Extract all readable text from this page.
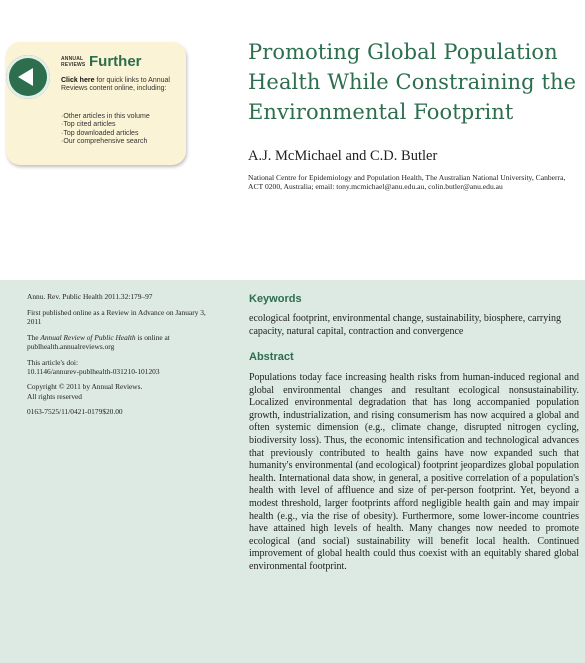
ANNUAL
REVIEWS Further
Click here for quick links to Annual Reviews content online, including:
· Other articles in this volume
· Top cited articles
· Top downloaded articles
· Our comprehensive search
Promoting Global Population Health While Constraining the Environmental Footprint
A.J. McMichael and C.D. Butler
National Centre for Epidemiology and Population Health, The Australian National University, Canberra, ACT 0200, Australia; email: tony.mcmichael@anu.edu.au, colin.butler@anu.edu.au

Annu. Rev. Public Health 2011.32:179–97

First published online as a Review in Advance on January 3, 2011

The Annual Review of Public Health is online at publhealth.annualreviews.org

This article's doi:
10.1146/annurev-publhealth-031210-101203

Copyright © 2011 by Annual Reviews.
All rights reserved

0163-7525/11/0421-0179$20.00

Keywords
ecological footprint, environmental change, sustainability, biosphere, carrying capacity, natural capital, contraction and convergence
Abstract
Populations today face increasing health risks from human-induced regional and global environmental changes and resultant ecological nonsustainability. Localized environmental degradation that has long accompanied population growth, industrialization, and rising consumerism has now acquired a global and often systemic dimension (e.g., climate change, disrupted nitrogen cycling, biodiversity loss). Thus, the economic intensification and technological advances that previously contributed to health gains have now expanded such that humanity's environmental (and ecological) footprint jeopardizes global population health. International data show, in general, a positive correlation of a population's health with level of affluence and size of per-person footprint. Yet, beyond a modest threshold, larger footprints afford negligible health gain and may impair health (e.g., via the rise of obesity). Furthermore, some lower-income countries have attained high levels of health. Many changes now needed to promote ecological (and social) sustainability will benefit local health. Continued improvement of global health could thus coexist with an equitably shared global environmental footprint.
